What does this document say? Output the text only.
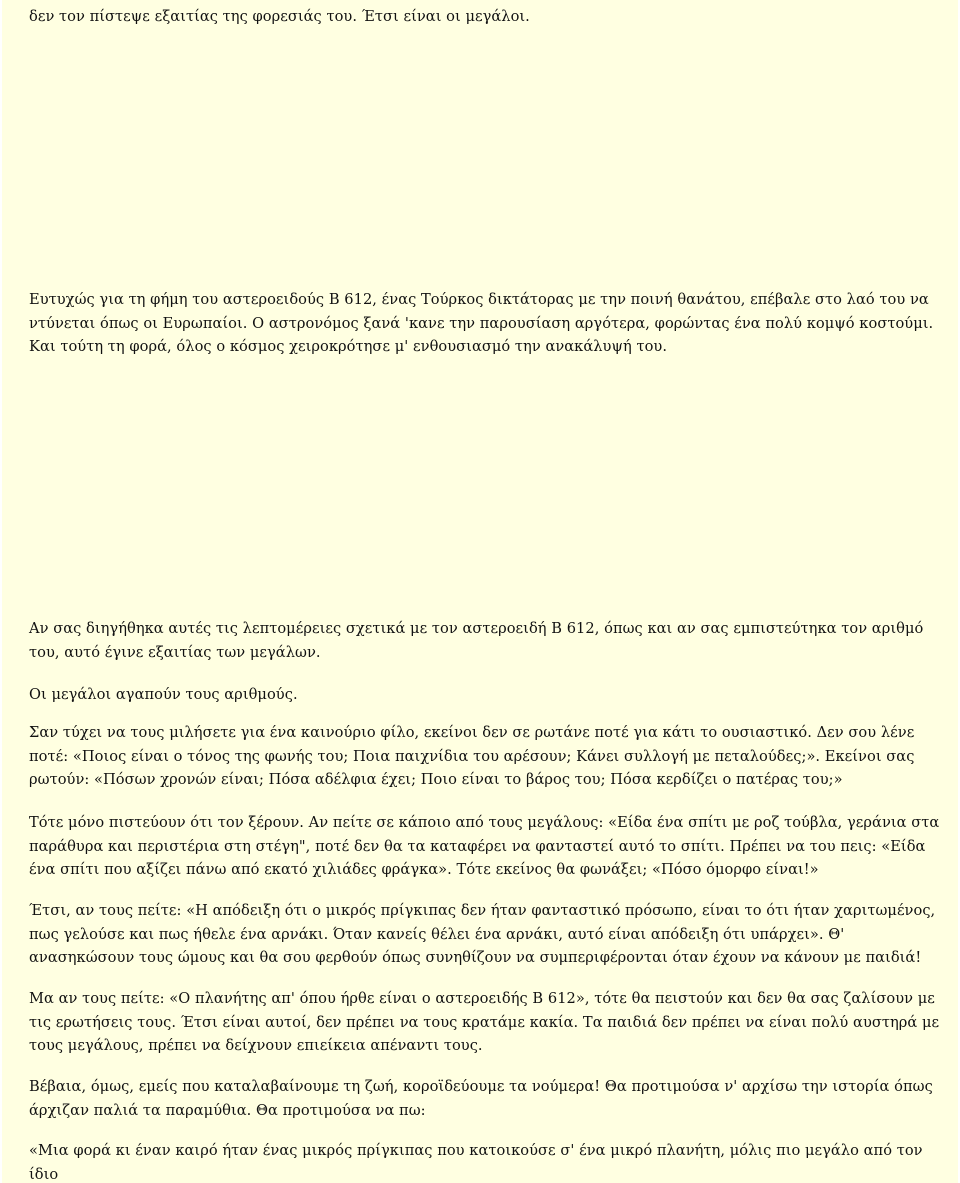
δεν τον πίστεψε εξαιτίας της φορεσιάς του. Έτσι είναι οι μεγάλοι.

Ευτυχώς για τη φήμη του αστεροειδούς B 612, ένας Τούρκος δικτάτορας με την ποινή θανάτου, επέβαλε στο λαό του να ντύνεται όπως οι Ευρωπαίοι. Ο αστρονόμος ξανά 'κανε την παρουσίαση αργότερα, φορώντας ένα πολύ κομψό κοστούμι. Και τούτη τη φορά, όλος ο κόσμος χειροκρότησε μ' ενθουσιασμό την ανακάλυψή του.

Αν σας διηγήθηκα αυτές τις λεπτομέρειες σχετικά με τον αστεροειδή Β 612, όπως και αν σας εμπιστεύτηκα τον αριθμό του, αυτό έγινε εξαιτίας των μεγάλων.

Οι μεγάλοι αγαπούν τους αριθμούς.

Σαν τύχει να τους μιλήσετε για ένα καινούριο φίλο, εκείνοι δεν σε ρωτάνε ποτέ για κάτι το ουσιαστικό. Δεν σου λένε ποτέ: «Ποιος είναι ο τόνος της φωνής του; Ποια παιχνίδια του αρέσουν; Κάνει συλλογή με πεταλούδες;». Εκείνοι σας ρωτούν: «Πόσων χρονών είναι; Πόσα αδέλφια έχει; Ποιο είναι το βάρος του; Πόσα κερδίζει ο πατέρας του;»

Τότε μόνο πιστεύουν ότι τον ξέρουν. Αν πείτε σε κάποιο από τους μεγάλους: «Είδα ένα σπίτι με ροζ τούβλα, γεράνια στα παράθυρα και περιστέρια στη στέγη", ποτέ δεν θα τα καταφέρει να φανταστεί αυτό το σπίτι. Πρέπει να του πεις: «Είδα ένα σπίτι που αξίζει πάνω από εκατό χιλιάδες φράγκα». Τότε εκείνος θα φωνάξει; «Πόσο όμορφο είναι!»

Έτσι, αν τους πείτε: «Η απόδειξη ότι ο μικρός πρίγκιπας δεν ήταν φανταστικό πρόσωπο, είναι το ότι ήταν χαριτωμένος, πως γελούσε και πως ήθελε ένα αρνάκι. Όταν κανείς θέλει ένα αρνάκι, αυτό είναι απόδειξη ότι υπάρχει». Θ' ανασηκώσουν τους ώμους και θα σου φερθούν όπως συνηθίζουν να συμπεριφέρονται όταν έχουν να κάνουν με παιδιά!

Μα αν τους πείτε: «Ο πλανήτης απ' όπου ήρθε είναι ο αστεροειδής Β 612», τότε θα πειστούν και δεν θα σας ζαλίσουν με τις ερωτήσεις τους. Έτσι είναι αυτοί, δεν πρέπει να τους κρατάμε κακία. Τα παιδιά δεν πρέπει να είναι πολύ αυστηρά με τους μεγάλους, πρέπει να δείχνουν επιείκεια απέναντι τους.

Βέβαια, όμως, εμείς που καταλαβαίνουμε τη ζωή, κοροϊδεύουμε τα νούμερα! Θα προτιμούσα ν' αρχίσω την ιστορία όπως άρχιζαν παλιά τα παραμύθια. Θα προτιμούσα να πω:

«Μια φορά κι έναν καιρό ήταν ένας μικρός πρίγκιπας που κατοικούσε σ' ένα μικρό πλανήτη, μόλις πιο μεγάλο από τον ίδιο
